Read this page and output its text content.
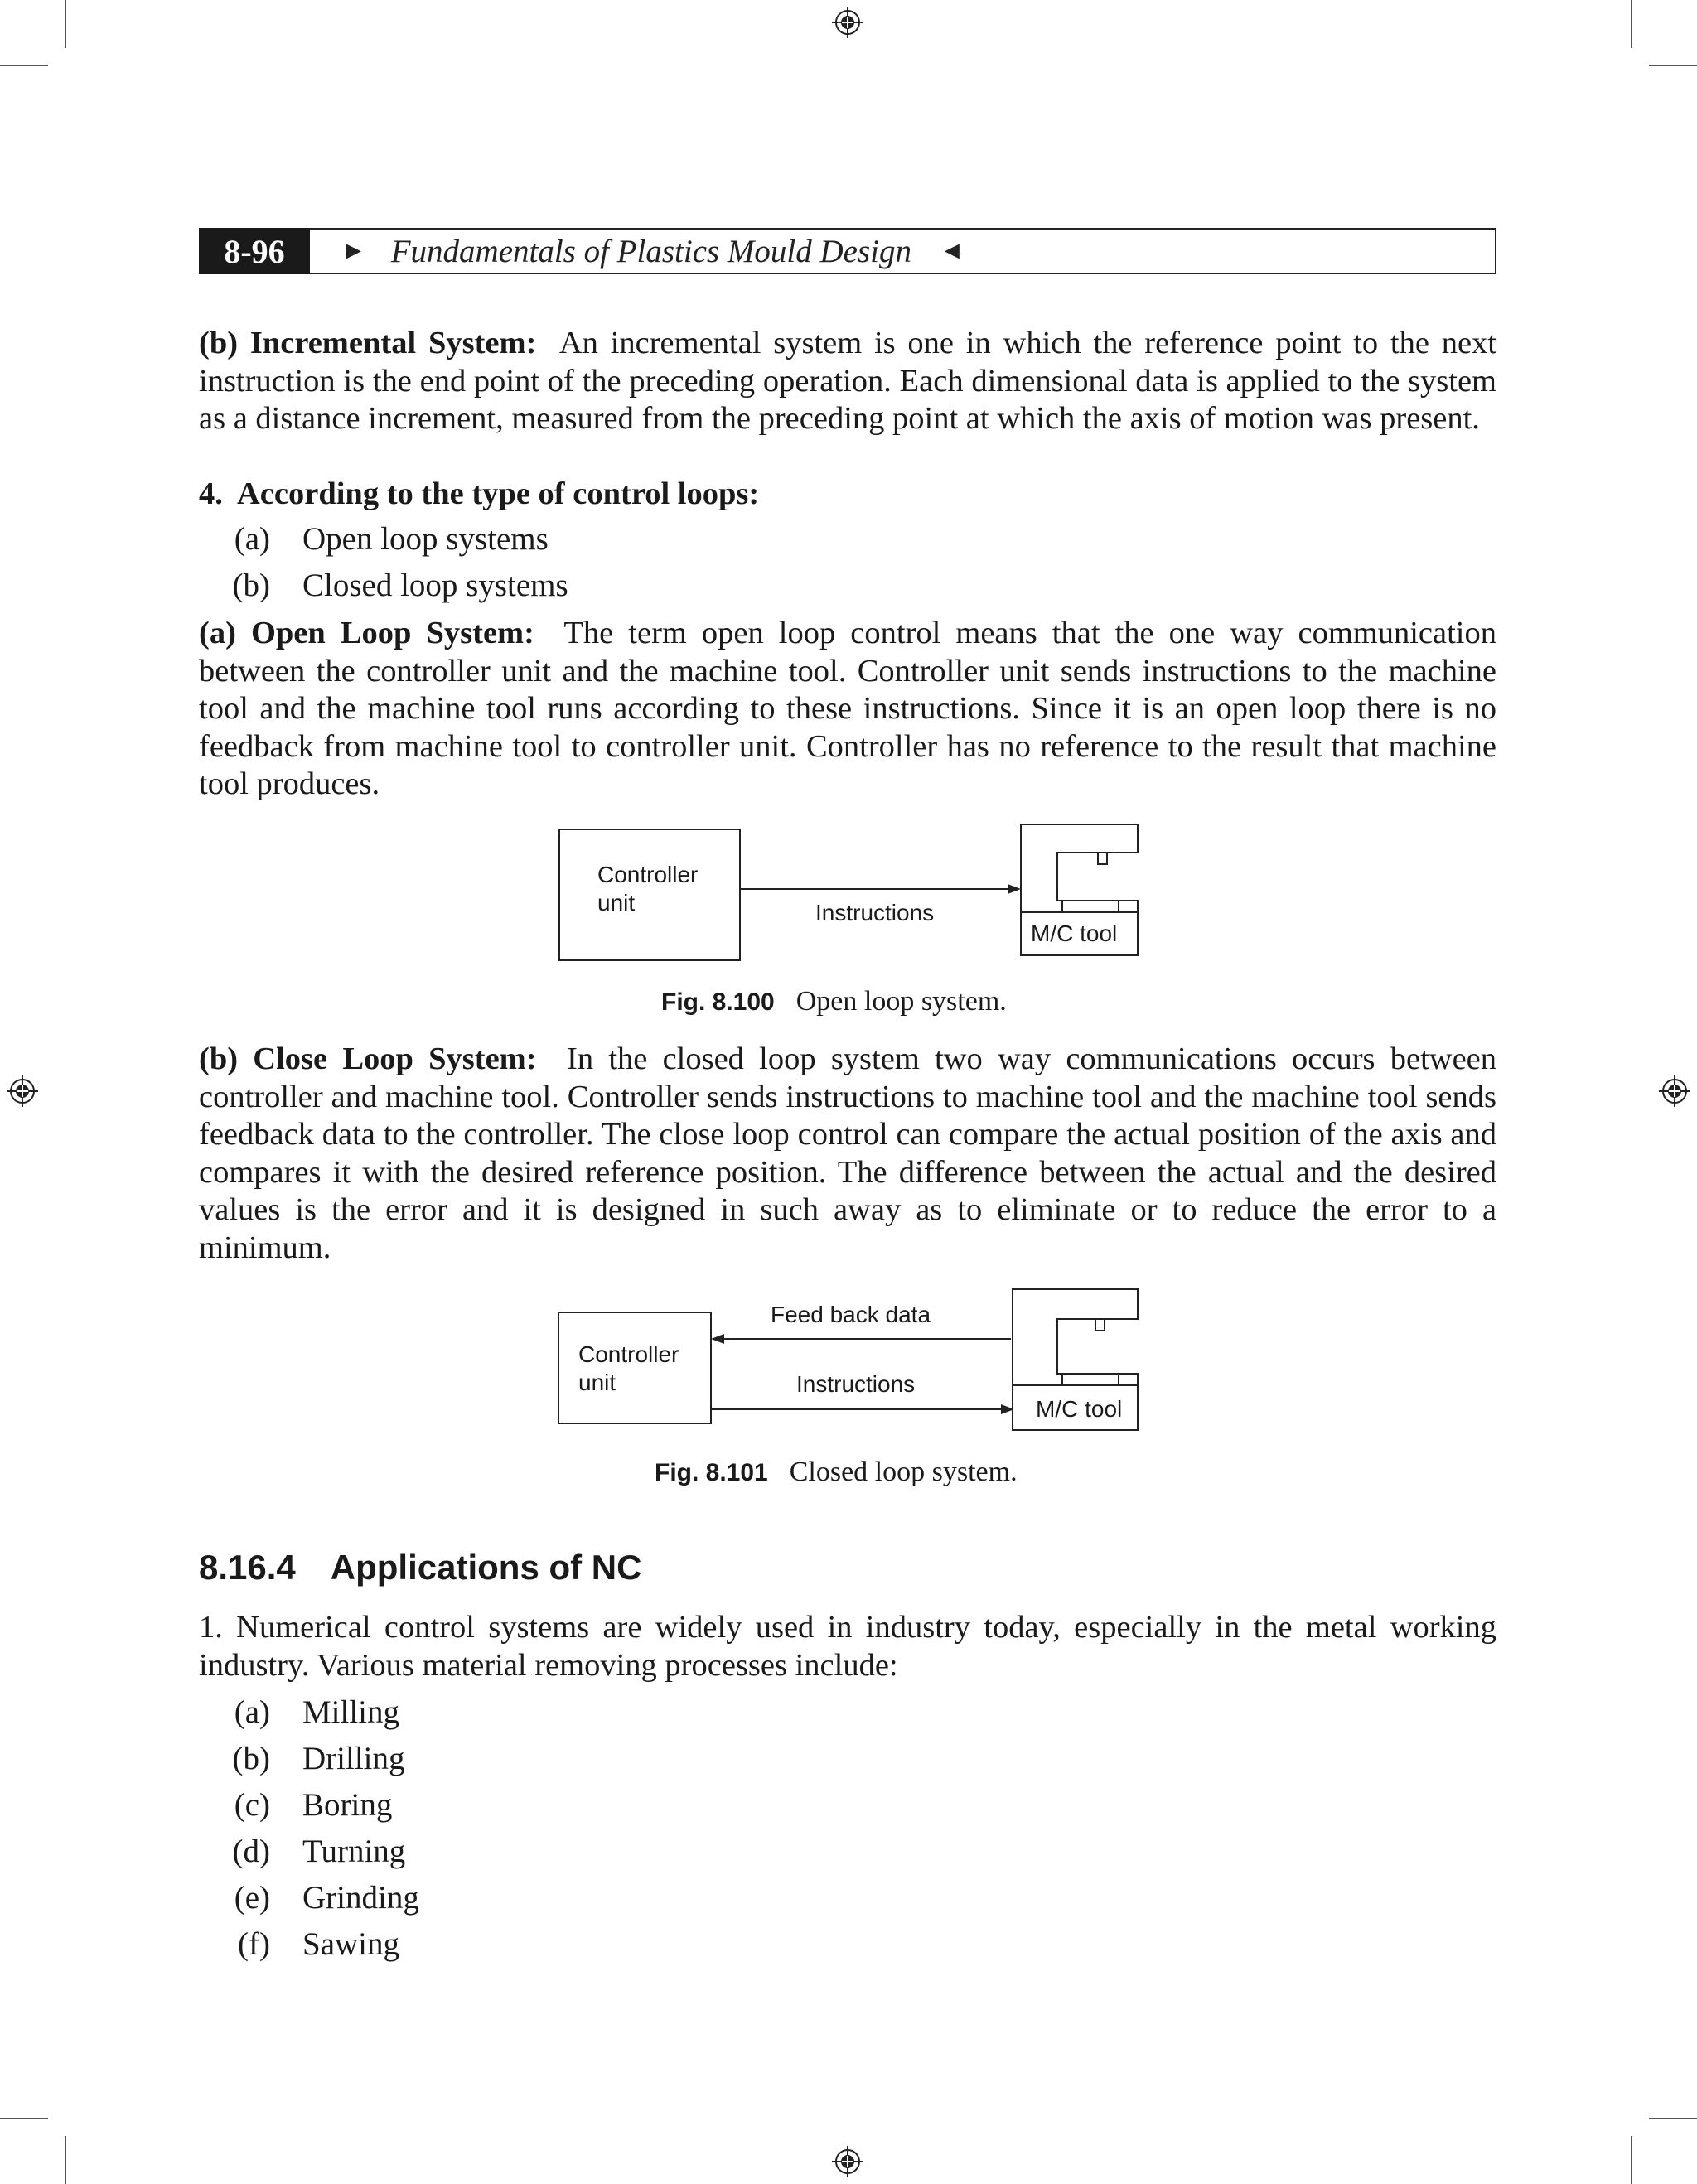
8-96	► Fundamentals of Plastics Mould Design ◄
(b) Incremental System: An incremental system is one in which the reference point to the next instruction is the end point of the preceding operation. Each dimensional data is applied to the system as a distance increment, measured from the preceding point at which the axis of motion was present.
4.  According to the type of control loops:
(a) Open loop systems
(b) Closed loop systems
(a) Open Loop System: The term open loop control means that the one way communication between the controller unit and the machine tool. Controller unit sends instructions to the machine tool and the machine tool runs according to these instructions. Since it is an open loop there is no feedback from machine tool to controller unit. Controller has no reference to the result that machine tool produces.
Controller
unit	Instructions
M/C tool
Fig. 8.100 Open loop system.
(b) Close Loop System: In the closed loop system two way communications occurs between controller and machine tool. Controller sends instructions to machine tool and the machine tool sends feedback data to the controller. The close loop control can compare the actual position of the axis and compares it with the desired reference position. The difference between the actual and the desired values is the error and it is designed in such away as to eliminate or to reduce the error to a minimum.
Feed back data
Controller
unit	Instructions
M/C tool
Fig. 8.101 Closed loop system.
8.16.4 Applications of NC
1. Numerical control systems are widely used in industry today, especially in the metal working industry. Various material removing processes include:
(a) Milling
(b) Drilling
(c) Boring
(d) Turning
(e) Grinding
(f) Sawing
